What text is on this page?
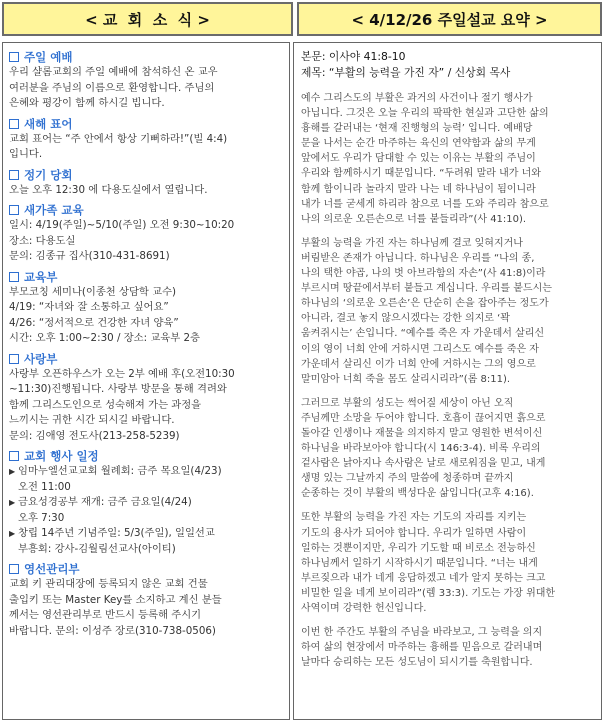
< 교  회  소  식 >	< 4/12/26 주일설교 요약 >
주일 예배
우리 샬롬교회의 주일 예배에 참석하신 온 교우
여러분을 주님의 이름으로 환영합니다. 주님의
은혜와 평강이 함께 하시길 빕니다.
새해 표어
교회 표어는 “주 안에서 항상 기뻐하라!”(빌 4:4)
입니다.
정기 당회
오늘 오후 12:30 에 다용도실에서 열립니다.
새가족 교육
일시: 4/19(주일)~5/10(주일) 오전 9:30~10:20
장소: 다용도실
문의: 김종규 집사(310-431-8691)
교육부
부모코칭 세미나(이종천 상담학 교수)
4/19: “자녀와 잘 소통하고 싶어요”
4/26: “정서적으로 건강한 자녀 양육”
시간: 오후 1:00~2:30 / 장소: 교육부 2층
사랑부
사랑부 오픈하우스가 오는 2부 예배 후(오전10:30
~11:30)진행됩니다. 사랑부 방문을 통해 격려와
함께 그리스도인으로 성숙해져 가는 과정을
느끼시는 귀한 시간 되시길 바랍니다.
문의: 김애영 전도사(213-258-5239)
교회 행사 일정
▶ 임마누엘선교교회 월례회: 금주 목요일(4/23)
오전 11:00
▶ 금요성경공부 재개: 금주 금요일(4/24)
오후 7:30
▶ 창립 14주년 기념주일: 5/3(주일), 일일선교
부흥회: 강사-김월림선교사(아이티)
영선관리부
교회 키 관리대장에 등록되지 않은 교회 건물
출입키 또는 Master Key를 소지하고 계신 분들
께서는 영선관리부로 반드시 등록해 주시기
바랍니다. 문의: 이성주 장로(310-738-0506)
본문: 이사야 41:8-10
제목: “부활의 능력을 가진 자” / 신상회 목사
예수 그리스도의 부활은 과거의 사건이나 절기 행사가
아닙니다. 그것은 오늘 우리의 팍팍한 현실과 고단한 삶의
흉해를 갈러내는 ‘현재 진행형의 능력’ 입니다. 예배당
문을 나서는 순간 마주하는 육신의 연약함과 삶의 무게
앞에서도 우리가 담대할 수 있는 이유는 부활의 주님이
우리와 함께하시기 때문입니다. “두려워 말라 내가 너와
함께 함이니라 놀라지 말라 나는 네 하나님이 됨이니라
내가 너를 굳세게 하리라 참으로 너를 도와 주리라 참으로
나의 의로운 오른손으로 너를 붙들리라”(사 41:10).
부활의 능력을 가진 자는 하나님께 결코 잊혀지거나
버림받은 존재가 아닙니다. 하나님은 우리를 “나의 종,
나의 택한 야곱, 나의 벗 아브라함의 자손”(사 41:8)이라
부르시며 땅끝에서부터 붙들고 계십니다. 우리를 붙드시는
하나님의 ‘의로운 오른손’은 단순히 손을 잡아주는 정도가
아니라, 결코 놓지 않으시겠다는 강한 의지로 ‘꽉
움켜쥐시는’ 손입니다. “예수를 죽은 자 가운데서 살리신
이의 영이 너희 안에 거하시면 그리스도 예수를 죽은 자
가운데서 살리신 이가 너희 안에 거하시는 그의 영으로
말미암아 너희 죽을 몸도 살리시리라”(롬 8:11).
그러므로 부활의 성도는 썩어질 세상이 아닌 오직
주님께만 소망을 두어야 합니다. 호흡이 끊어지면 흙으로
돌아갈 인생이나 재물을 의지하지 말고 영원한 변석이신
하나님을 바라보아야 합니다(시 146:3-4). 비록 우리의
겉사람은 낡아지나 속사람은 날로 새로워짐을 믿고, 내게
생명 있는 그날까지 주의 말씀에 청종하며 끝까지
순종하는 것이 부활의 백성다운 삶입니다(고후 4:16).
또한 부활의 능력을 가진 자는 기도의 자리를 지키는
기도의 용사가 되어야 합니다. 우리가 일하면 사람이
일하는 것뿐이지만, 우리가 기도할 때 비로소 전능하신
하나님께서 일하기 시작하시기 때문입니다. “너는 내게
부르짖으라 내가 네게 응답하겠고 네가 알지 못하는 크고
비밀한 일을 네게 보이리라”(렘 33:3). 기도는 가장 위대한
사역이며 강력한 헌신입니다.
이번 한 주간도 부활의 주님을 바라보고, 그 능력을 의지
하여 삶의 현장에서 마주하는 흉해를 믿음으로 갈러내며
날마다 승리하는 모든 성도님이 되시기를 축원합니다.
